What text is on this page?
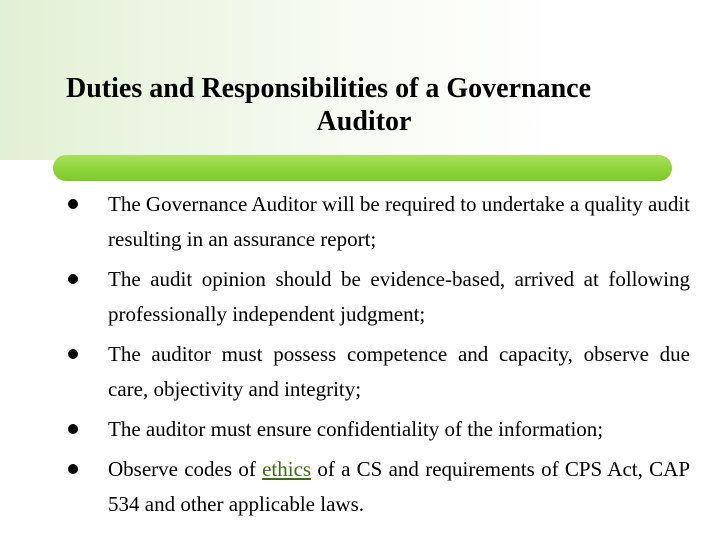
Duties and Responsibilities of a Governance
Auditor
The Governance Auditor will be required to undertake a quality audit resulting in an assurance report;
The audit opinion should be evidence-based, arrived at following professionally independent judgment;
The auditor must possess competence and capacity, observe due care, objectivity and integrity;
The auditor must ensure confidentiality of the information;
Observe codes of ethics of a CS and requirements of CPS Act, CAP 534 and other applicable laws.
